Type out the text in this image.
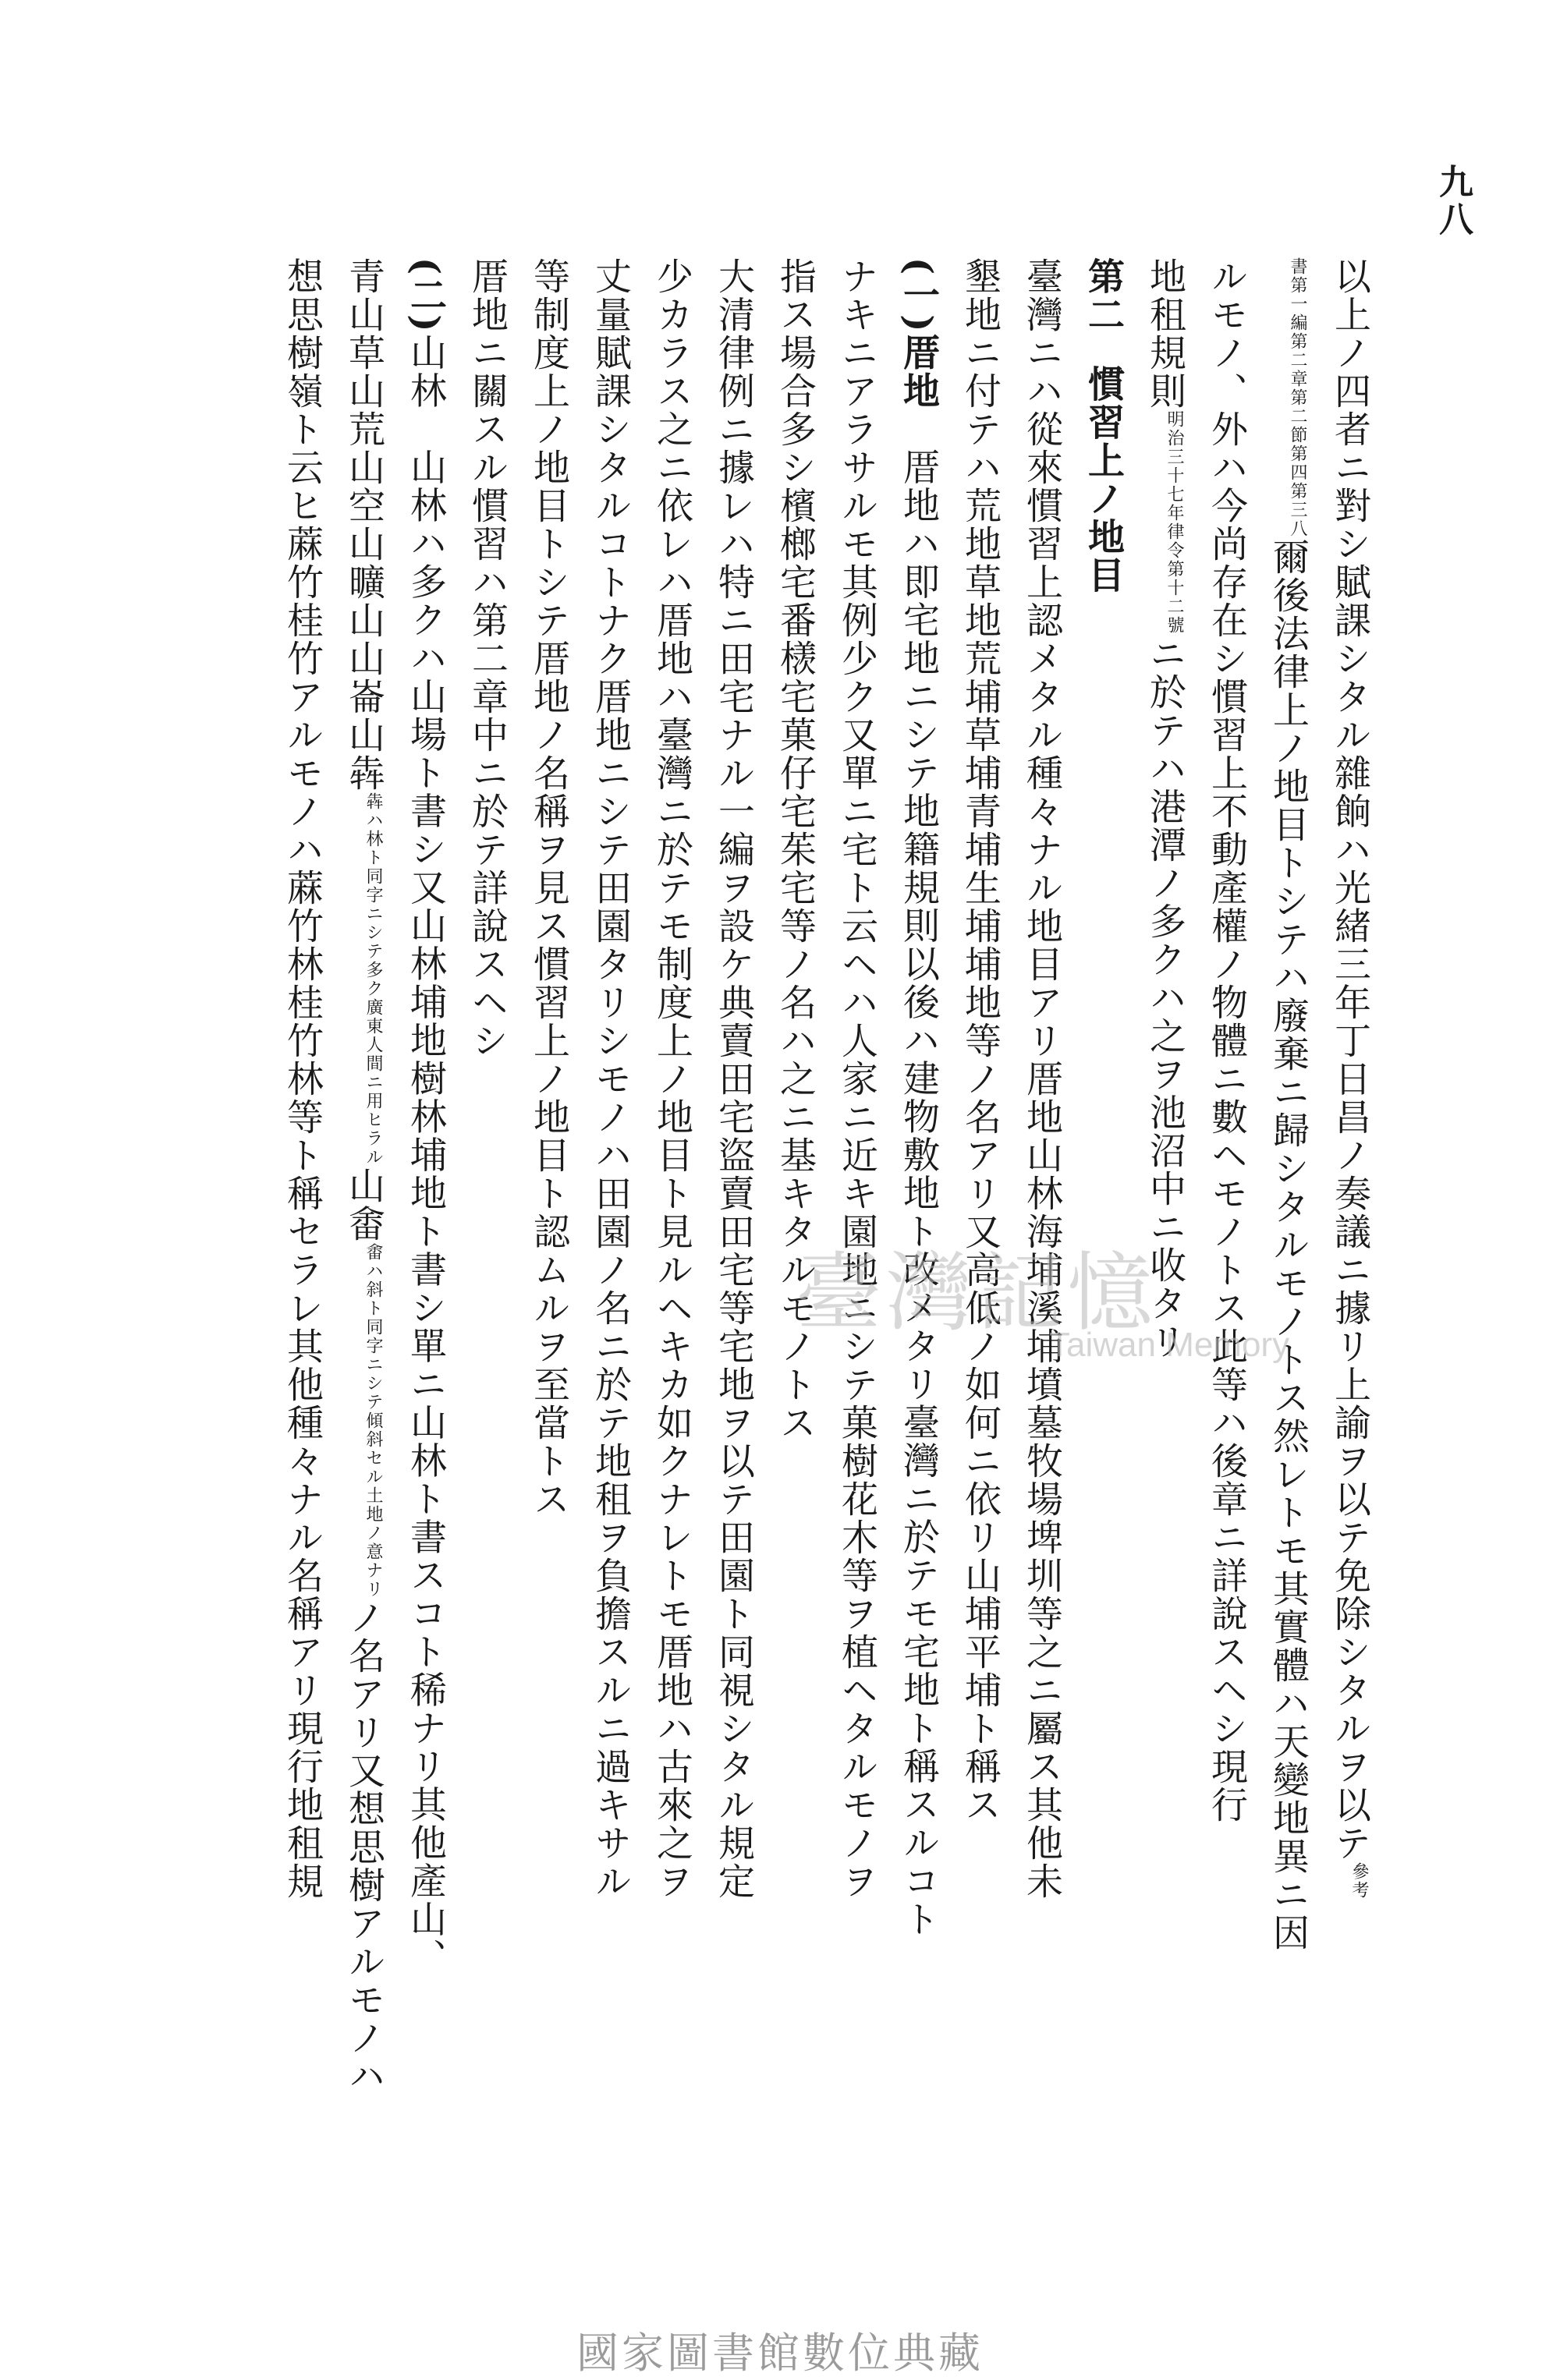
九八

以上ノ四者ニ對シ賦課シタル雜餉ハ光緒三年丁日昌ノ奏議ニ據リ上諭ヲ以テ免除シタルヲ以テ參考

書第一編第二章第二節第四第三八爾後法律上ノ地目トシテハ廢棄ニ歸シタルモノトス然レトモ其實體ハ天變地異ニ因

ルモノ、外ハ今尚存在シ慣習上不動產權ノ物體ニ數ヘモノトス此等ハ後章ニ詳說スヘシ現行

地租規則明治三十七年律令第十二號ニ於テハ港潭ノ多クハ之ヲ池沼中ニ收タリ

第二慣習上ノ地目

臺灣ニハ從來慣習上認メタル種々ナル地目アリ厝地山林海埔溪埔墳墓牧場埤圳等之ニ屬ス其他未

墾地ニ付テハ荒地草地荒埔草埔青埔生埔埔地等ノ名アリ又高低ノ如何ニ依リ山埔平埔ト稱ス

(一)厝地　厝地ハ即宅地ニシテ地籍規則以後ハ建物敷地ト改メタリ臺灣ニ於テモ宅地ト稱スルコト

ナキニアラサルモ其例少ク又單ニ宅ト云ヘハ人家ニ近キ園地ニシテ菓樹花木等ヲ植ヘタルモノヲ

指ス場合多シ檳榔宅番檨宅菓仔宅茱宅等ノ名ハ之ニ基キタルモノトス

大清律例ニ據レハ特ニ田宅ナル一編ヲ設ケ典賣田宅盜賣田宅等宅地ヲ以テ田園ト同視シタル規定

少カラス之ニ依レハ厝地ハ臺灣ニ於テモ制度上ノ地目ト見ルヘキカ如クナレトモ厝地ハ古來之ヲ

丈量賦課シタルコトナク厝地ニシテ田園タリシモノハ田園ノ名ニ於テ地租ヲ負擔スルニ過キサル

等制度上ノ地目トシテ厝地ノ名稱ヲ見ス慣習上ノ地目ト認ムルヲ至當トス

厝地ニ關スル慣習ハ第二章中ニ於テ詳說スヘシ

(二)山林　山林ハ多クハ山場ト書シ又山林埔地樹林埔地ト書シ單ニ山林ト書スコト稀ナリ其他產山、

青山草山荒山空山曠山山崙山犇犇ハ林ト同字ニシテ多ク廣東人間ニ用ヒラル山畬畬ハ斜ト同字ニシテ傾斜セル土地ノ意ナリノ名アリ又想思樹アルモノハ

想思樹嶺ト云ヒ蔴竹桂竹アルモノハ蔴竹林桂竹林等ト稱セラレ其他種々ナル名稱アリ現行地租規	臺灣記憶
Taiwan Memory
國家圖書館數位典藏
